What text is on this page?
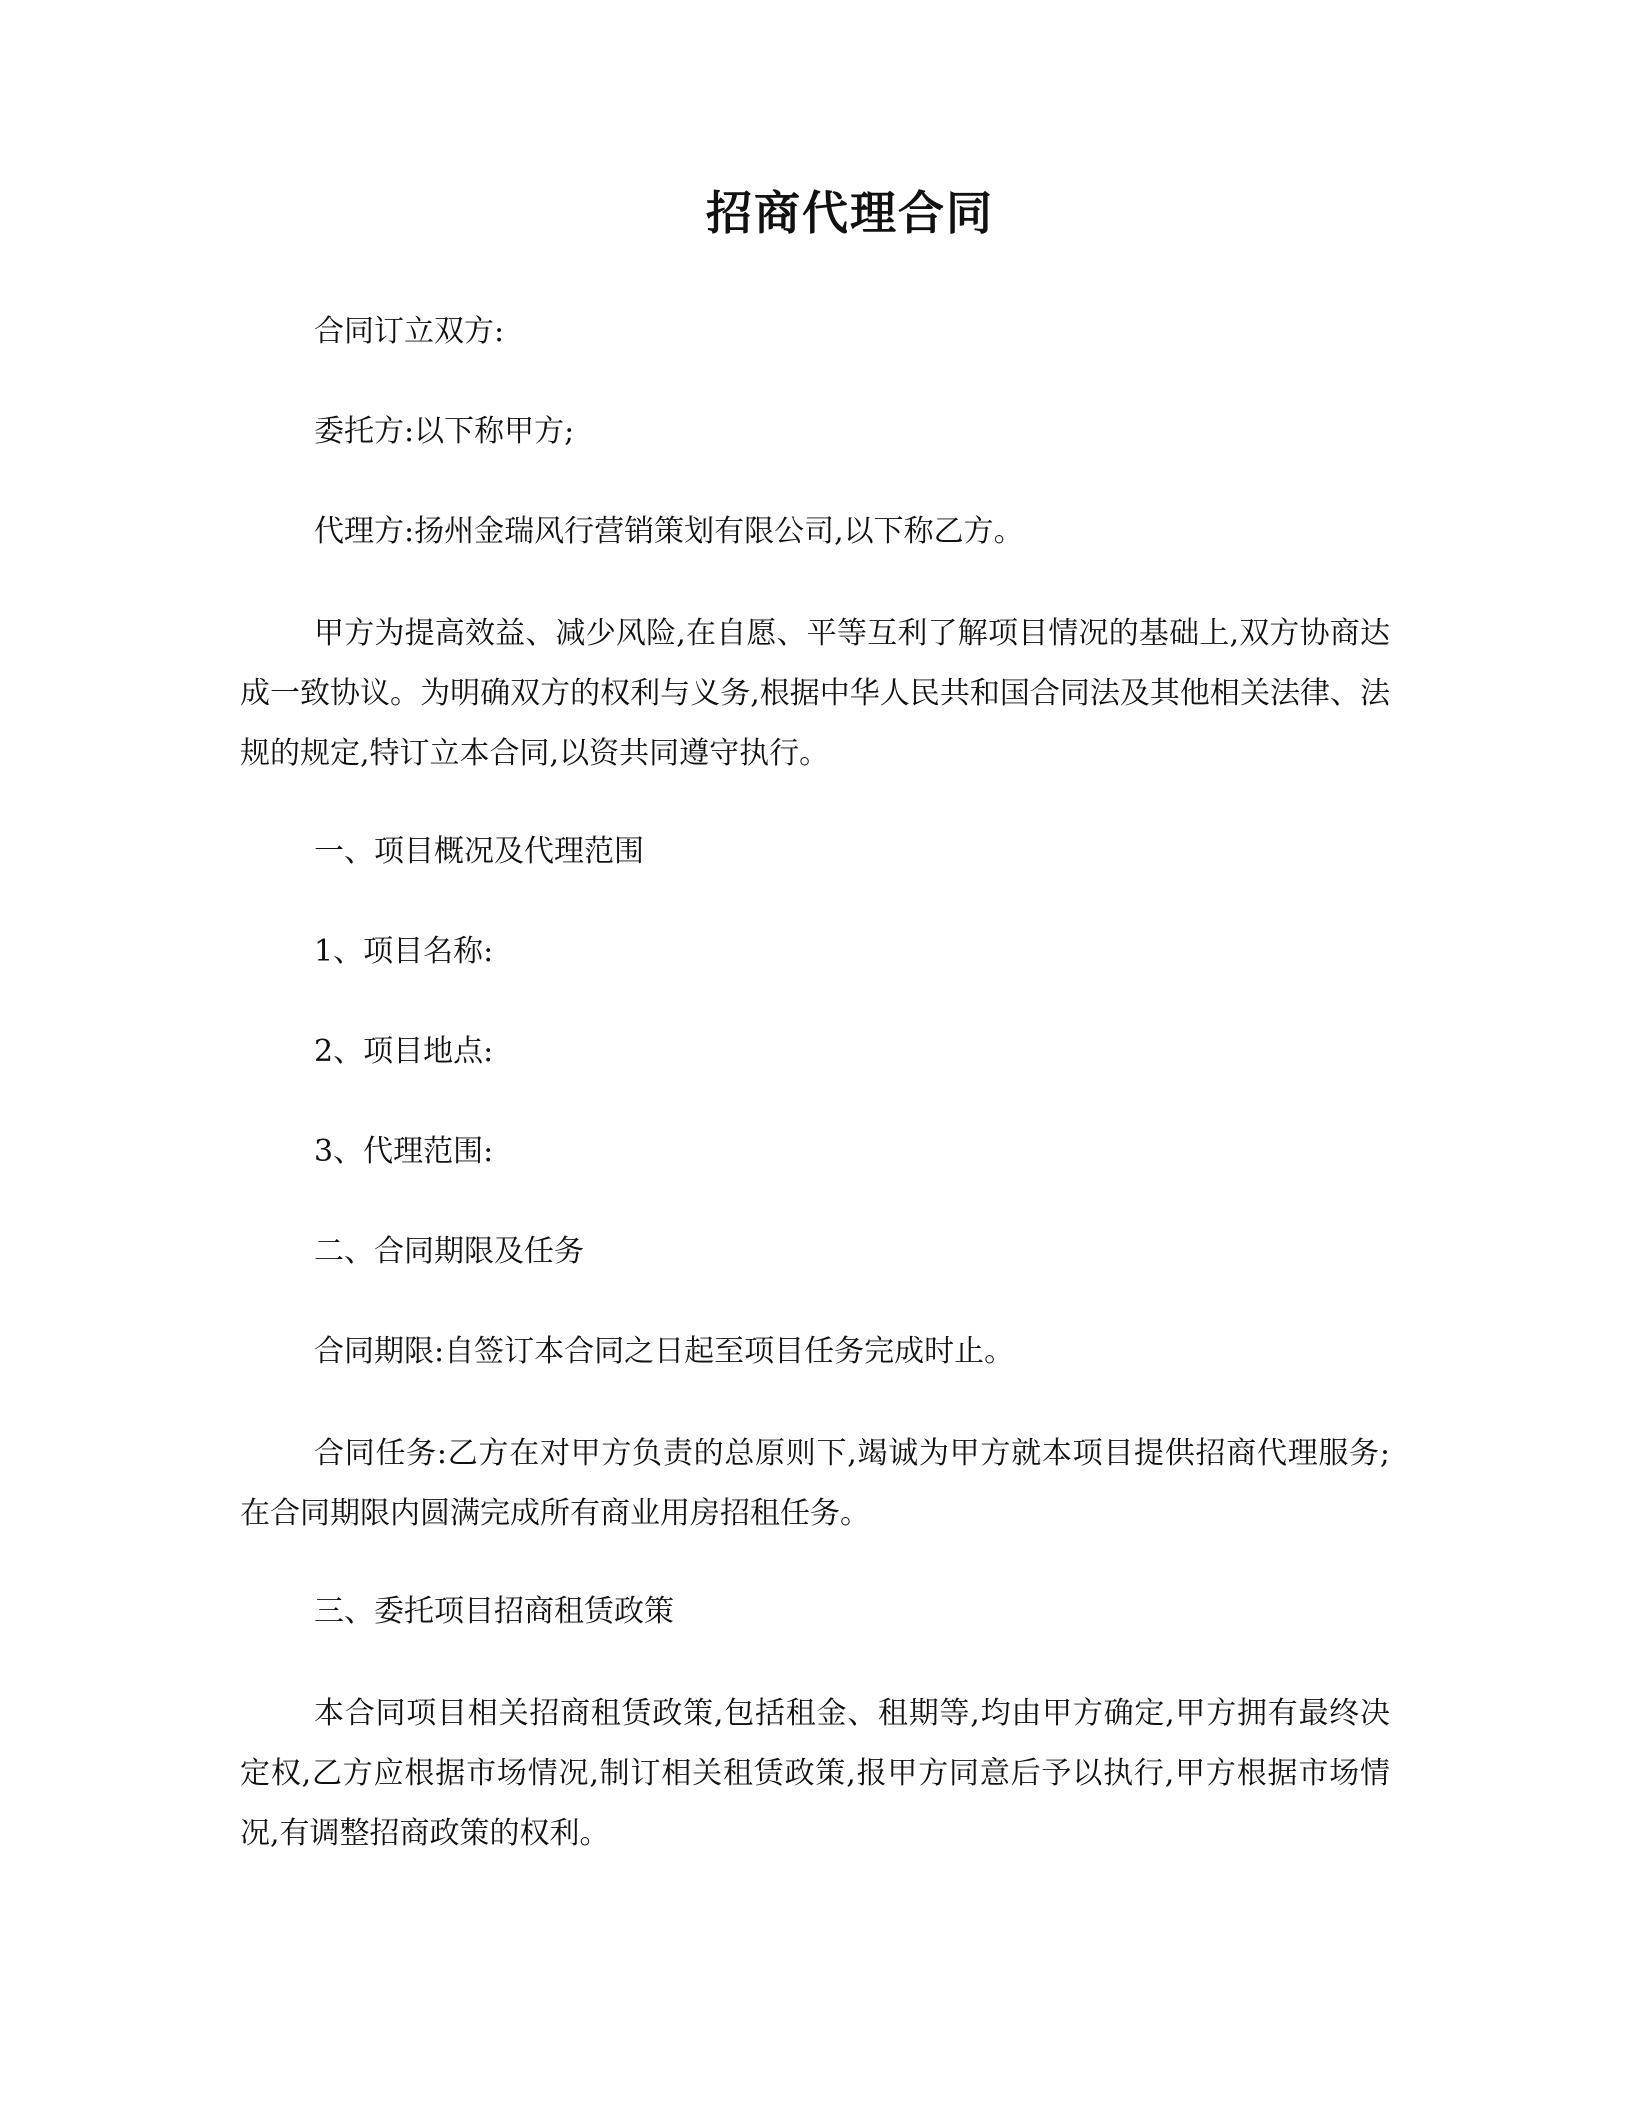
招商代理合同
合同订立双方:
委托方:以下称甲方;
代理方:扬州金瑞风行营销策划有限公司,以下称乙方。
甲方为提高效益、减少风险,在自愿、平等互利了解项目情况的基础上,双方协商达成一致协议。为明确双方的权利与义务,根据中华人民共和国合同法及其他相关法律、法规的规定,特订立本合同,以资共同遵守执行。
一、项目概况及代理范围
1、项目名称:
2、项目地点:
3、代理范围:
二、合同期限及任务
合同期限:自签订本合同之日起至项目任务完成时止。
合同任务:乙方在对甲方负责的总原则下,竭诚为甲方就本项目提供招商代理服务;在合同期限内圆满完成所有商业用房招租任务。
三、委托项目招商租赁政策
本合同项目相关招商租赁政策,包括租金、租期等,均由甲方确定,甲方拥有最终决定权,乙方应根据市场情况,制订相关租赁政策,报甲方同意后予以执行,甲方根据市场情况,有调整招商政策的权利。
